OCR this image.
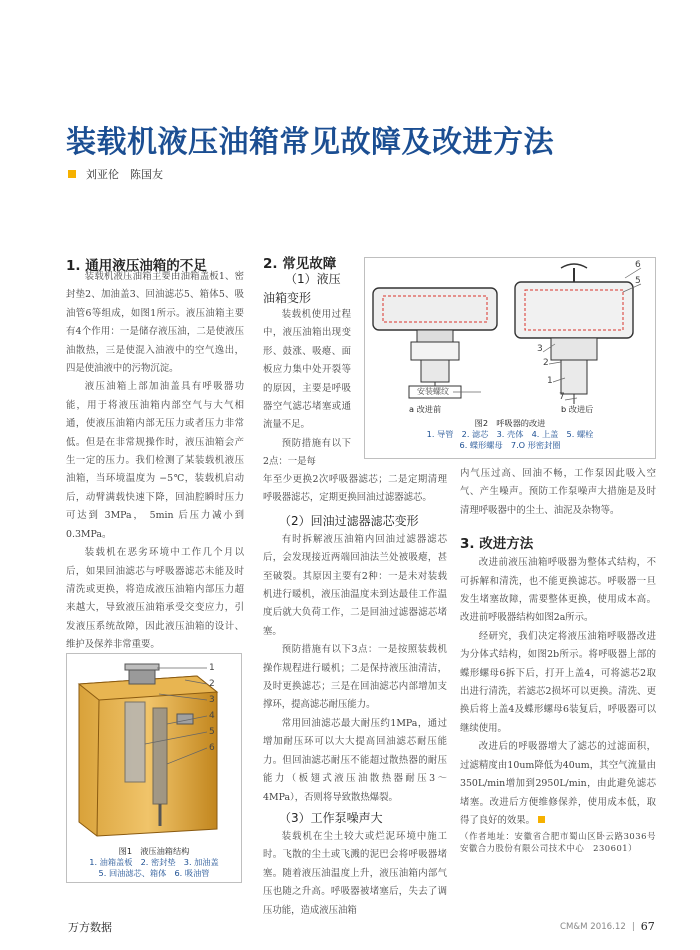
装载机液压油箱常见故障及改进方法
刘亚伦　陈国友
1. 通用液压油箱的不足

装载机液压油箱主要由油箱盖板1、密封垫2、加油盖3、回油滤芯5、箱体5、吸油管6等组成，如图1所示。液压油箱主要有4个作用：一是储存液压油，二是使液压油散热，三是使混入油液中的空气逸出，四是使油液中的污物沉淀。

液压油箱上部加油盖具有呼吸器功能，用于将液压油箱内部空气与大气相通，使液压油箱内部无压力或者压力非常低。但是在非常规操作时，液压油箱会产生一定的压力。我们检测了某装载机液压油箱，当环境温度为 −5℃，装载机启动后，动臂满载快速下降，回油腔瞬时压力可达到 3MPa， 5min 后压力减小到 0.3MPa。

装载机在恶劣环境中工作几个月以后，如果回油滤芯与呼吸器滤芯未能及时清洗或更换，将造成液压油箱内部压力超来越大，导致液压油箱承受交变应力，引发液压系统故障，因此液压油箱的设计、维护及保养非常重要。

1
2
3
4
5
6
图1　液压油箱结构
1. 油箱盖板　2. 密封垫　3. 加油盖
5. 回油滤芯、箱体　6. 吸油管
2. 常见故障
（1）液压
油箱变形

装载机使用过程中，液压油箱出现变形、鼓涨、吸瘪、面板应力集中处开裂等的原因，主要是呼吸器空气滤芯堵塞或通流量不足。

预防措施有以下2点：一是每

年至少更换2次呼吸器滤芯；二是定期清理呼吸器滤芯，定期更换回油过滤器滤芯。

（2）回油过滤器滤芯变形

有时拆解液压油箱内回油过滤器滤芯后，会发现接近两端回油法兰处被吸瘪，甚至破裂。其原因主要有2种：一是未对装载机进行暖机，液压油温度未到达最佳工作温度后就大负荷工作，二是回油过滤器滤芯堵塞。

预防措施有以下3点：一是按照装载机操作规程进行暖机；二是保持液压油清洁，及时更换滤芯；三是在回油滤芯内部增加支撑环，提高滤芯耐压能力。

常用回油滤芯最大耐压约1MPa，通过增加耐压环可以大大提高回油滤芯耐压能力。但回油滤芯耐压不能超过散热器的耐压能力（板翅式液压油散热器耐压3～4MPa），否则将导致散热爆裂。

（3）工作泵噪声大

装载机在尘土较大或烂泥环境中施工时。飞散的尘土或飞溅的泥巴会将呼吸器堵塞。随着液压油温度上升，液压油箱内部气压也随之升高。呼吸器被堵塞后，失去了调压功能，造成液压油箱

6
5
3
2
1
7
安装螺纹
a 改进前	b 改进后
图2　呼吸器的改进
1. 导管　2. 滤芯　3. 壳体　4. 上盖　5. 螺栓
6. 蝶形螺母　7.O 形密封圈

内气压过高、回油不畅，工作泵因此吸入空气、产生噪声。预防工作泵噪声大措施是及时清理呼吸器中的尘土、油泥及杂物等。

3. 改进方法

改进前液压油箱呼吸器为整体式结构，不可拆解和清洗，也不能更换滤芯。呼吸器一旦发生堵塞故障，需要整体更换，使用成本高。改进前呼吸器结构如图2a所示。

经研究，我们决定将液压油箱呼吸器改进为分体式结构，如图2b所示。将呼吸器上部的蝶形螺母6拆下后，打开上盖4，可将滤芯2取出进行清洗，若滤芯2损坏可以更换。清洗、更换后将上盖4及蝶形螺母6装复后，呼吸器可以继续使用。

改进后的呼吸器增大了滤芯的过滤面积，过滤精度由10um降低为40um，其空气流量由350L/min增加到2950L/min，由此避免滤芯堵塞。改进后方便维修保养，使用成本低，取得了良好的效果。

（作者地址：安徽省合肥市蜀山区卧云路3036号　安徽合力股份有限公司技术中心　230601）

万方数据	CM&M 2016.12 | 67
